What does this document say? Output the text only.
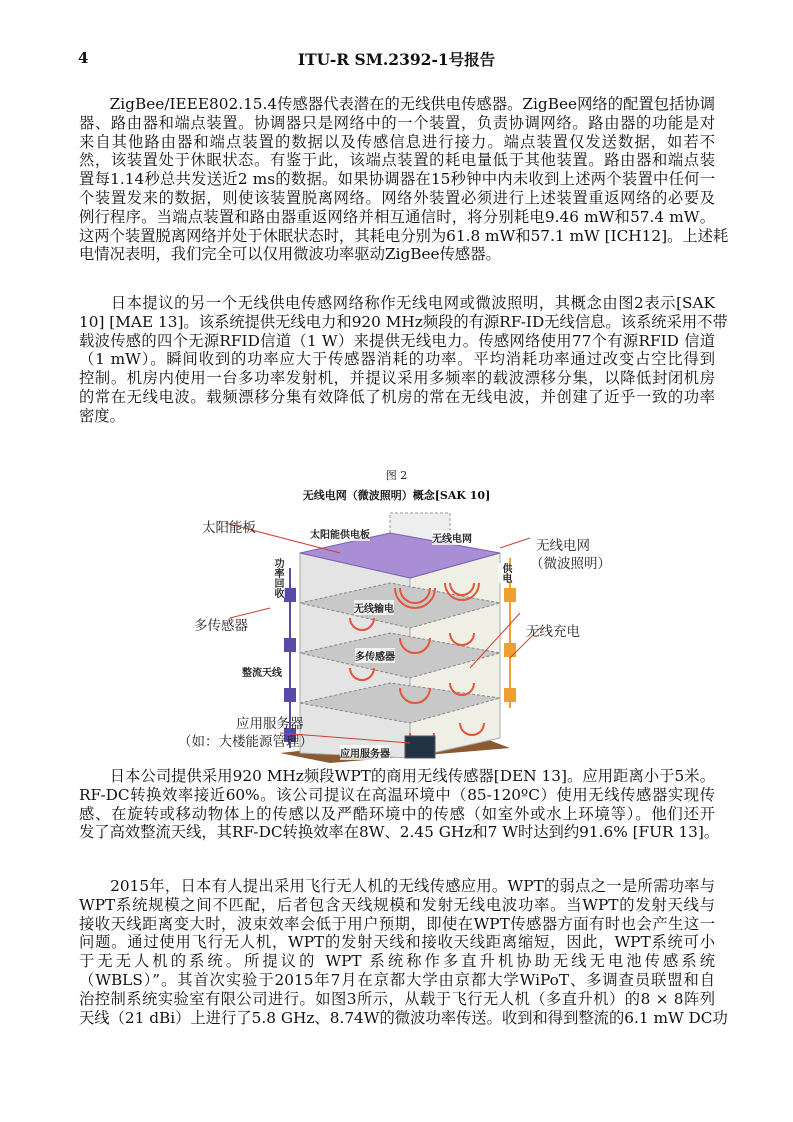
4	ITU-R SM.2392-1号报告
　　ZigBee/IEEE802.15.4传感器代表潜在的无线供电传感器。ZigBee网络的配置包括协调
器、路由器和端点装置。协调器只是网络中的一个装置，负责协调网络。路由器的功能是对
来自其他路由器和端点装置的数据以及传感信息进行接力。端点装置仅发送数据，如若不
然，该装置处于休眠状态。有鉴于此，该端点装置的耗电量低于其他装置。路由器和端点装
置每1.14秒总共发送近2 ms的数据。如果协调器在15秒钟中内未收到上述两个装置中任何一
个装置发来的数据，则使该装置脱离网络。网络外装置必须进行上述装置重返网络的必要及
例行程序。当端点装置和路由器重返网络并相互通信时，将分别耗电9.46 mW和57.4 mW。
这两个装置脱离网络并处于休眠状态时，其耗电分别为61.8 mW和57.1 mW [ICH12]。上述耗
电情况表明，我们完全可以仅用微波功率驱动ZigBee传感器。
　　日本提议的另一个无线供电传感网络称作无线电网或微波照明，其概念由图2表示[SAK
10] [MAE 13]。该系统提供无线电力和920 MHz频段的有源RF-ID无线信息。该系统采用不带
载波传感的四个无源RFID信道（1 W）来提供无线电力。传感网络使用77个有源RFID 信道
（1 mW）。瞬间收到的功率应大于传感器消耗的功率。平均消耗功率通过改变占空比得到
控制。机房内使用一台多功率发射机，并提议采用多频率的载波漂移分集，以降低封闭机房
的常在无线电波。载频漂移分集有效降低了机房的常在无线电波，并创建了近乎一致的功率
密度。
　　日本公司提供采用920 MHz频段WPT的商用无线传感器[DEN 13]。应用距离小于5米。
RF-DC转换效率接近60%。该公司提议在高温环境中（85-120ºC）使用无线传感器实现传
感、在旋转或移动物体上的传感以及严酷环境中的传感（如室外或水上环境等）。他们还开
发了高效整流天线，其RF-DC转换效率在8W、2.45 GHz和7 W时达到约91.6% [FUR 13]。
　　2015年，日本有人提出采用飞行无人机的无线传感应用。WPT的弱点之一是所需功率与
WPT系统规模之间不匹配，后者包含天线规模和发射无线电波功率。当WPT的发射天线与
接收天线距离变大时，波束效率会低于用户预期，即使在WPT传感器方面有时也会产生这一
问题。通过使用飞行无人机，WPT的发射天线和接收天线距离缩短，因此，WPT系统可小
于无无人机的系统。所提议的 WPT 系统称作多直升机协助无线无电池传感系统
（WBLS）”。其首次实验于2015年7月在京都大学由京都大学WiPoT、多调查员联盟和自
治控制系统实验室有限公司进行。如图3所示，从载于飞行无人机（多直升机）的8 × 8阵列
天线（21 dBi）上进行了5.8 GHz、8.74W的微波功率传送。收到和得到整流的6.1 mW DC功
图 2
无线电网（微波照明）概念[SAK 10]
太阳能板
无线电网
（微波照明）
多传感器	无线充电
应用服务器
（如：大楼能源管理）
太阳能供电板	无线电网
功率回收	供电
无线输电
多传感器
整流天线
应用服务器
